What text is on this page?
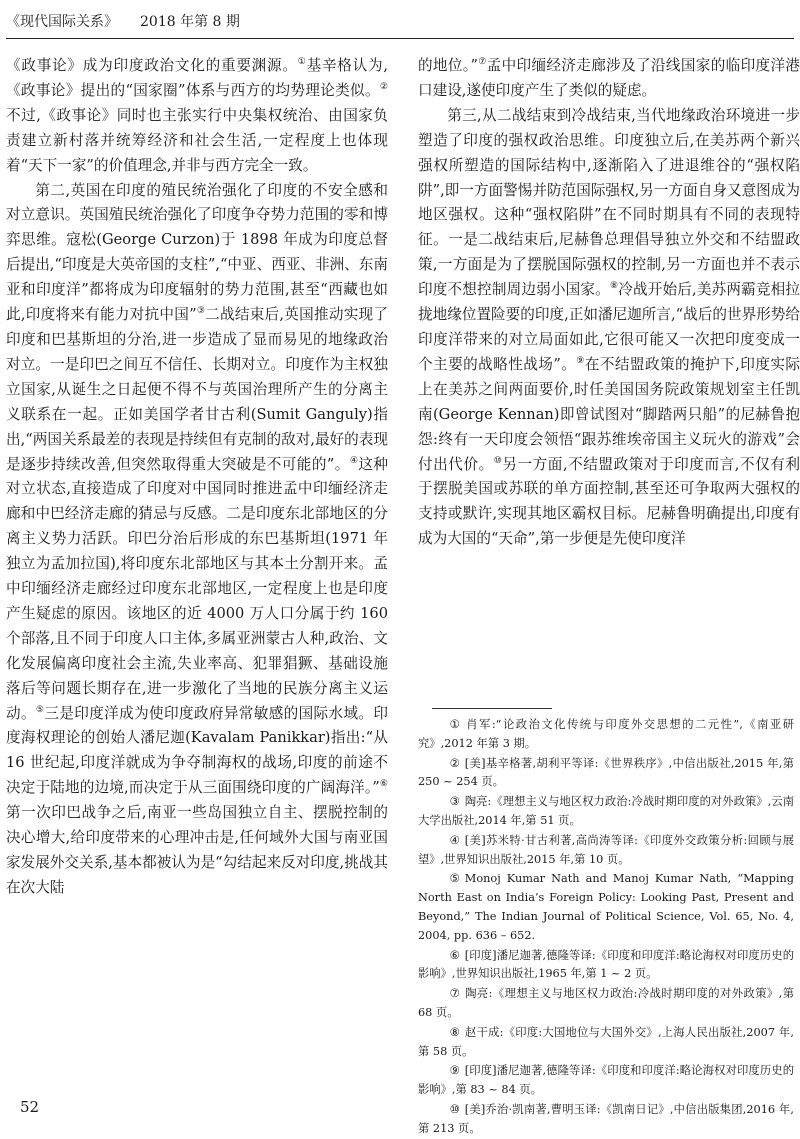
《现代国际关系》 2018 年第 8 期

《政事论》成为印度政治文化的重要渊源。①基辛格认为,《政事论》提出的“国家圈”体系与西方的均势理论类似。②不过,《政事论》同时也主张实行中央集权统治、由国家负责建立新村落并统筹经济和社会生活,一定程度上也体现着“天下一家”的价值理念,并非与西方完全一致。

第二,英国在印度的殖民统治强化了印度的不安全感和对立意识。英国殖民统治强化了印度争夺势力范围的零和博弈思维。寇松(George Curzon)于 1898 年成为印度总督后提出,“印度是大英帝国的支柱”,“中亚、西亚、非洲、东南亚和印度洋”都将成为印度辐射的势力范围,甚至“西藏也如此,印度将来有能力对抗中国”③二战结束后,英国推动实现了印度和巴基斯坦的分治,进一步造成了显而易见的地缘政治对立。一是印巴之间互不信任、长期对立。印度作为主权独立国家,从诞生之日起便不得不与英国治理所产生的分离主义联系在一起。正如美国学者甘古利(Sumit Ganguly)指出,“两国关系最差的表现是持续但有克制的敌对,最好的表现是逐步持续改善,但突然取得重大突破是不可能的”。④这种对立状态,直接造成了印度对中国同时推进孟中印缅经济走廊和中巴经济走廊的猜忌与反感。二是印度东北部地区的分离主义势力活跃。印巴分治后形成的东巴基斯坦(1971 年独立为孟加拉国),将印度东北部地区与其本土分割开来。孟中印缅经济走廊经过印度东北部地区,一定程度上也是印度产生疑虑的原因。该地区的近 4000 万人口分属于约 160 个部落,且不同于印度人口主体,多属亚洲蒙古人种,政治、文化发展偏离印度社会主流,失业率高、犯罪猖獗、基础设施落后等问题长期存在,进一步激化了当地的民族分离主义运动。⑤三是印度洋成为使印度政府异常敏感的国际水域。印度海权理论的创始人潘尼迦(Kavalam Panikkar)指出:“从 16 世纪起,印度洋就成为争夺制海权的战场,印度的前途不决定于陆地的边境,而决定于从三面围绕印度的广阔海洋。”⑥第一次印巴战争之后,南亚一些岛国独立自主、摆脱控制的决心增大,给印度带来的心理冲击是,任何域外大国与南亚国家发展外交关系,基本都被认为是“勾结起来反对印度,挑战其在次大陆

的地位。”⑦孟中印缅经济走廊涉及了沿线国家的临印度洋港口建设,遂使印度产生了类似的疑虑。

第三,从二战结束到冷战结束,当代地缘政治环境进一步塑造了印度的强权政治思维。印度独立后,在美苏两个新兴强权所塑造的国际结构中,逐渐陷入了进退维谷的“强权陷阱”,即一方面警惕并防范国际强权,另一方面自身又意图成为地区强权。这种“强权陷阱”在不同时期具有不同的表现特征。一是二战结束后,尼赫鲁总理倡导独立外交和不结盟政策,一方面是为了摆脱国际强权的控制,另一方面也并不表示印度不想控制周边弱小国家。⑧冷战开始后,美苏两霸竞相拉拢地缘位置险要的印度,正如潘尼迦所言,“战后的世界形势给印度洋带来的对立局面如此,它很可能又一次把印度变成一个主要的战略性战场”。⑨在不结盟政策的掩护下,印度实际上在美苏之间两面要价,时任美国国务院政策规划室主任凯南(George Kennan)即曾试图对“脚踏两只船”的尼赫鲁抱怨:终有一天印度会领悟“跟苏维埃帝国主义玩火的游戏”会付出代价。⑩另一方面,不结盟政策对于印度而言,不仅有利于摆脱美国或苏联的单方面控制,甚至还可争取两大强权的支持或默许,实现其地区霸权目标。尼赫鲁明确提出,印度有成为大国的“天命”,第一步便是先使印度洋

① 肖军:“论政治文化传统与印度外交思想的二元性”,《南亚研究》,2012 年第 3 期。

② [美]基辛格著,胡利平等译:《世界秩序》,中信出版社,2015 年,第 250 ~ 254 页。

③ 陶亮:《理想主义与地区权力政治:冷战时期印度的对外政策》,云南大学出版社,2014 年,第 51 页。

④ [美]苏米特·甘古利著,高尚涛等译:《印度外交政策分析:回顾与展望》,世界知识出版社,2015 年,第 10 页。

⑤ Monoj Kumar Nath and Manoj Kumar Nath, “Mapping North East on India’s Foreign Policy: Looking Past, Present and Beyond,” The Indian Journal of Political Science, Vol. 65, No. 4, 2004, pp. 636 – 652.

⑥ [印度]潘尼迦著,德隆等译:《印度和印度洋:略论海权对印度历史的影响》,世界知识出版社,1965 年,第 1 ~ 2 页。

⑦ 陶亮:《理想主义与地区权力政治:冷战时期印度的对外政策》,第 68 页。

⑧ 赵干成:《印度:大国地位与大国外交》,上海人民出版社,2007 年,第 58 页。

⑨ [印度]潘尼迦著,德隆等译:《印度和印度洋:略论海权对印度历史的影响》,第 83 ~ 84 页。

⑩ [美]乔治·凯南著,曹明玉译:《凯南日记》,中信出版集团,2016 年,第 213 页。

52
